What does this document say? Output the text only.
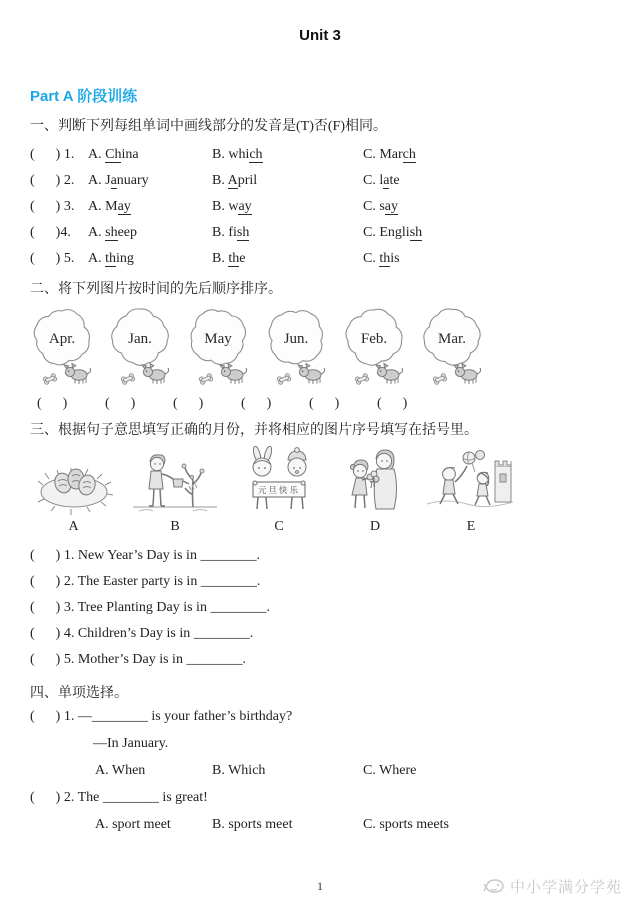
Unit 3
Part A 阶段训练
一、判断下列每组单词中画线部分的发音是(T)否(F)相同。
(      ) 1. A. China	B. which	C. March
(      ) 2. A. January	B. April	C. late
(      ) 3. A. May	B. way	C. say
(      )4.	A. sheep	B. fish	C. English
(      ) 5. A. thing	B. the	C. this
二、将下列图片按时间的先后顺序排序。
Apr.	Jan.	May	Jun.	Feb.	Mar.
(      )	(      )	(      )	(      )	(      )	(      )
三、根据句子意思填写正确的月份，并将相应的图片序号填写在括号里。
A	B
元旦快乐
C	D	E
(      ) 1. New Year’s Day is in ________.
(      ) 2. The Easter party is in ________.
(      ) 3. Tree Planting Day is in ________.
(      ) 4. Children’s Day is in ________.
(      ) 5. Mother’s Day is in ________.
四、单项选择。
(      ) 1. —________ is your father’s birthday?
—In January.
A. When	B. Which	C. Where
(      ) 2. The ________ is great!
A. sport meet	B. sports meet	C. sports meets
1	中小学满分学苑
